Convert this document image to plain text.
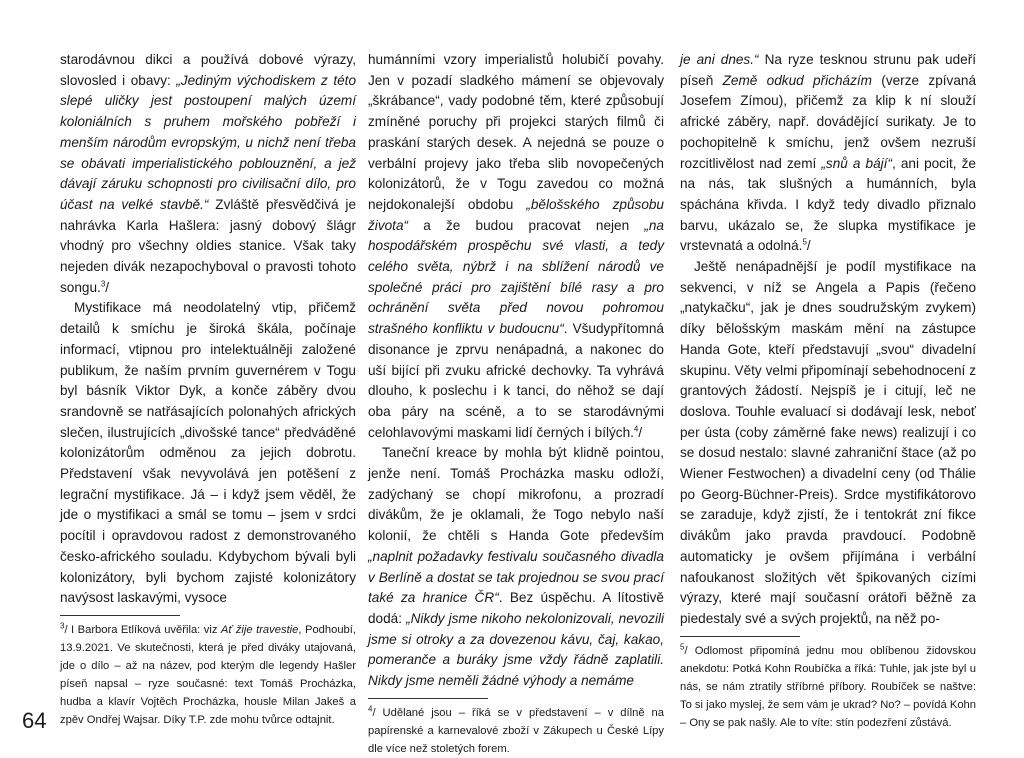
starodávnou dikci a používá dobové výrazy, slovosled i obavy: „Jediným východiskem z této slepé uličky jest postoupení malých území koloniálních s pruhem mořského pobřeží i menším národům evropským, u nichž není třeba se obávati imperialistického poblouznění, a jež dávají záruku schopnosti pro civilisační dílo, pro účast na velké stavbě.“ Zvláště přesvědčivá je nahrávka Karla Hašlera: jasný dobový šlágr vhodný pro všechny oldies stanice. Však taky nejeden divák nezapochyboval o pravosti tohoto songu.$^3$/

Mystifikace má neodolatelný vtip, přičemž detailů k smíchu je široká škála, počínaje informací, vtipnou pro intelektuálněji založené publikum, že naším prvním guvernérem v Togu byl básník Viktor Dyk, a konče záběry dvou srandovně se natřásajících polonahých afrických slečen, ilustrujících „divošské tance“ předváděné kolonizátorům odměnou za jejich dobrotu. Představení však nevyvolává jen potěšení z legrační mystifikace. Já – i když jsem věděl, že jde o mystifikaci a smál se tomu – jsem v srdci pocítil i opravdovou radost z demonstrovaného česko-afrického souladu. Kdybychom bývali byli kolonizátory, byli bychom zajisté kolonizátory navýsost laskavými, vysoce

$^3$/ I Barbora Etlíková uvěřila: viz Ať žije travestie, Podhoubí, 13.9.2021. Ve skutečnosti, která je před diváky utajovaná, jde o dílo – až na název, pod kterým dle legendy Hašler píseň napsal – ryze současné: text Tomáš Procházka, hudba a klavír Vojtěch Procházka, housle Milan Jakeš a zpěv Ondřej Wajsar. Díky T.P. zde mohu tvůrce odtajnit.

humánními vzory imperialistů holubičí povahy. Jen v pozadí sladkého mámení se objevovaly „škrábance“, vady podobné těm, které způsobují zmíněné poruchy při projekci starých filmů či praskání starých desek. A nejedná se pouze o verbální projevy jako třeba slib novopečených kolonizátorů, že v Togu zavedou co možná nejdokonalejší obdobu „bělošského způsobu života“ a že budou pracovat nejen „na hospodářském prospěchu své vlasti, a tedy celého světa, nýbrž i na sblížení národů ve společné práci pro zajištění bílé rasy a pro ochránění světa před novou pohromou strašného konfliktu v budoucnu“. Všudypřítomná disonance je zprvu nenápadná, a nakonec do uší bijící při zvuku africké dechovky. Ta vyhrává dlouho, k poslechu i k tanci, do něhož se dají oba páry na scéně, a to se starodávnými celohlavovými maskami lidí černých i bílých.$^4$/

Taneční kreace by mohla být klidně pointou, jenže není. Tomáš Procházka masku odloží, zadýchaný se chopí mikrofonu, a prozradí divákům, že je oklamali, že Togo nebylo naší kolonií, že chtěli s Handa Gote především „naplnit požadavky festivalu současného divadla v Berlíně a dostat se tak projednou se svou prací také za hranice ČR“. Bez úspěchu. A lítostivě dodá: „Nikdy jsme nikoho nekolonizovali, nevozili jsme si otroky a za dovezenou kávu, čaj, kakao, pomeranče a buráky jsme vždy řádně zaplatili. Nikdy jsme neměli žádné výhody a nemáme

$^4$/ Udělané jsou – říká se v představení – v dílně na papírenské a karnevalové zboží v Zákupech u České Lípy dle více než stoletých forem.

je ani dnes.“ Na ryze tesknou strunu pak udeří píseň Země odkud přicházím (verze zpívaná Josefem Zímou), přičemž za klip k ní slouží africké záběry, např. dovádějící surikaty. Je to pochopitelně k smíchu, jenž ovšem nezruší rozcitlivělost nad zemí „snů a bájí“, ani pocit, že na nás, tak slušných a humánních, byla spáchána křivda. I když tedy divadlo přiznalo barvu, ukázalo se, že slupka mystifikace je vrstevnatá a odolná.$^5$/

Ještě nenápadnější je podíl mystifikace na sekvenci, v níž se Angela a Papis (řečeno „natykačku“, jak je dnes soudružským zvykem) díky bělošským maskám mění na zástupce Handa Gote, kteří představují „svou“ divadelní skupinu. Věty velmi připomínají sebehodnocení z grantových žádostí. Nejspíš je i citují, leč ne doslova. Touhle evaluací si dodávají lesk, neboť per ústa (coby záměrné fake news) realizují i co se dosud nestalo: slavné zahraniční štace (až po Wiener Festwochen) a divadelní ceny (od Thálie po Georg-Büchner-Preis). Srdce mystifikátorovo se zaraduje, když zjistí, že i tentokrát zní fikce divákům jako pravda pravdoucí. Podobně automaticky je ovšem přijímána i verbální nafoukanost složitých vět špikovaných cizími výrazy, které mají současní orátoři běžně za piedestaly své a svých projektů, na něž po-

$^5$/ Odlomost připomíná jednu mou oblíbenou židovskou anekdotu: Potká Kohn Roubíčka a říká: Tuhle, jak jste byl u nás, se nám ztratily stříbrné příbory. Roubíček se naštve: To si jako myslej, že sem vám je ukrad? No? – povídá Kohn – Ony se pak našly. Ale to víte: stín podezření zůstává.

64
